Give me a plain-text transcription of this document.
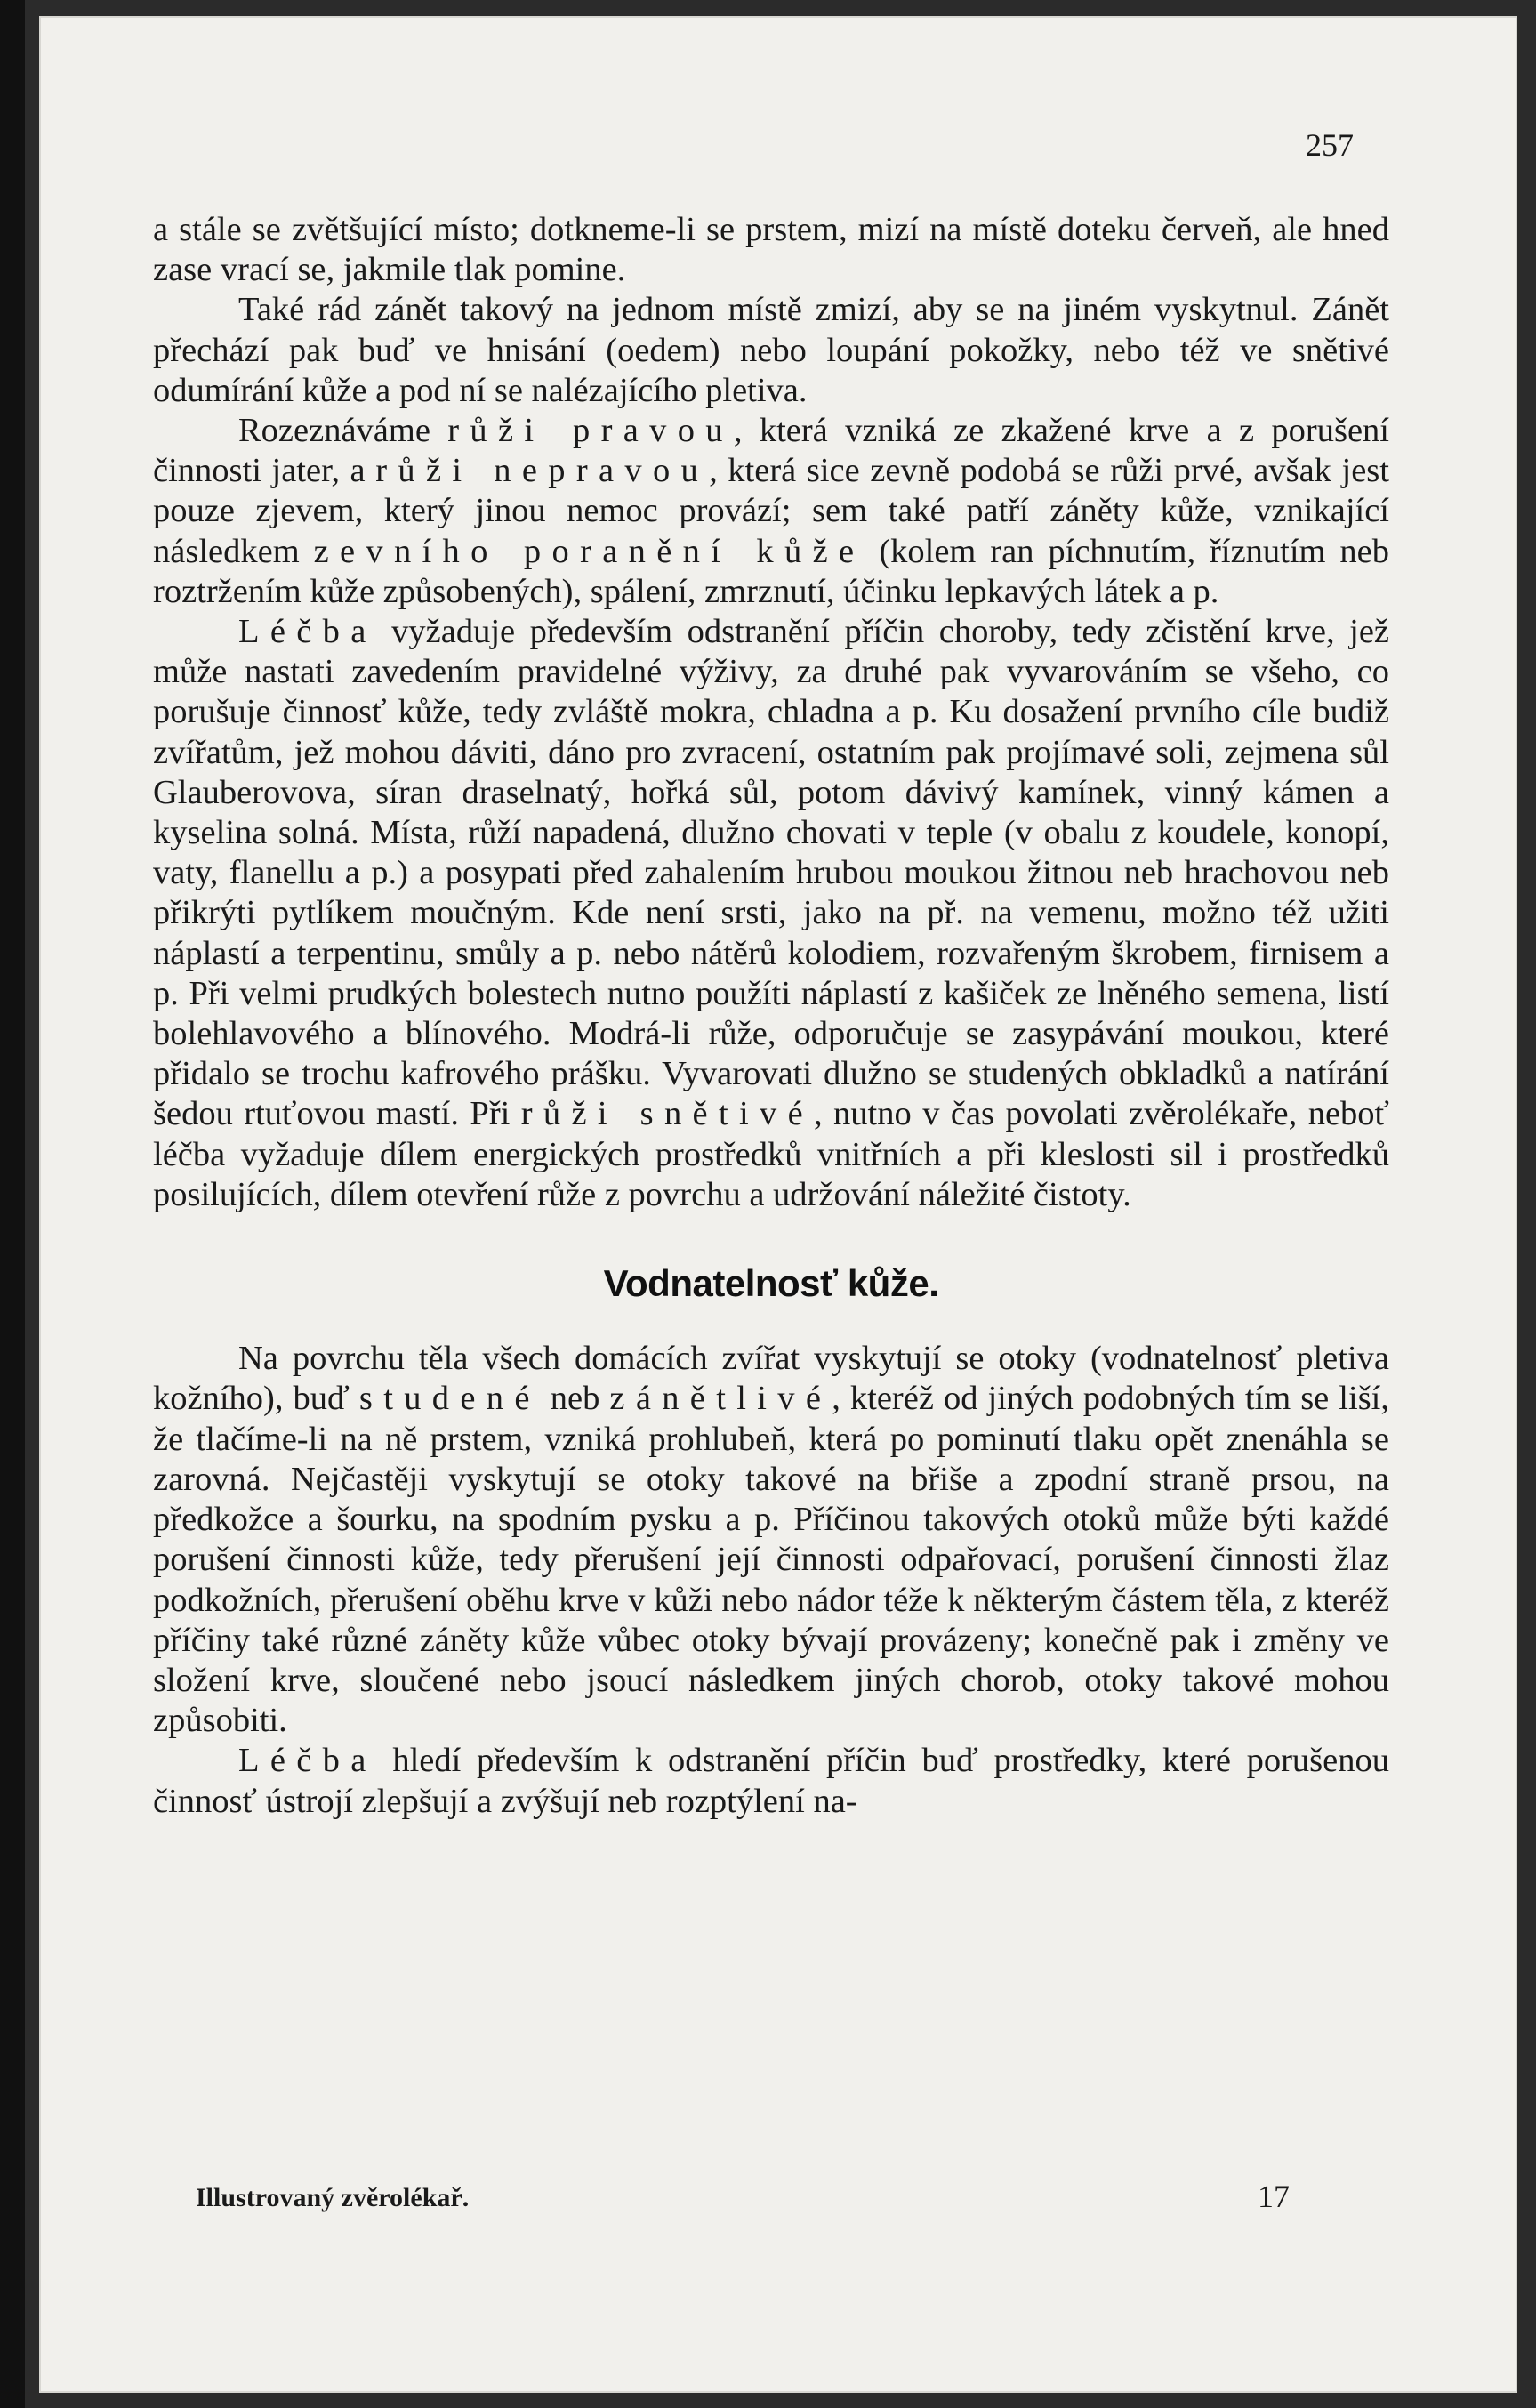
257

a stále se zvětšující místo; dotkneme-li se prstem, mizí na místě doteku červeň, ale hned zase vrací se, jakmile tlak pomine.

Také rád zánět takový na jednom místě zmizí, aby se na jiném vyskytnul. Zánět přechází pak buď ve hnisání (oedem) nebo loupání pokožky, nebo též ve snětivé odumírání kůže a pod ní se nalézajícího pletiva.

Rozeznáváme růži pravou, která vzniká ze zkažené krve a z porušení činnosti jater, a růži nepravou, která sice zevně podobá se růži prvé, avšak jest pouze zjevem, který jinou nemoc provází; sem také patří záněty kůže, vznikající následkem zevního poranění kůže (kolem ran píchnutím, říznutím neb roztržením kůže způsobených), spálení, zmrznutí, účinku lepkavých látek a p.

Léčba vyžaduje především odstranění příčin choroby, tedy zčistění krve, jež může nastati zavedením pravidelné výživy, za druhé pak vyvarováním se všeho, co porušuje činnosť kůže, tedy zvláště mokra, chladna a p. Ku dosažení prvního cíle budiž zvířatům, jež mohou dáviti, dáno pro zvracení, ostatním pak projímavé soli, zejmena sůl Glauberovova, síran draselnatý, hořká sůl, potom dávivý kamínek, vinný kámen a kyselina solná. Místa, růží napadená, dlužno chovati v teple (v obalu z koudele, konopí, vaty, flanellu a p.) a posypati před zahalením hrubou moukou žitnou neb hrachovou neb přikrýti pytlíkem moučným. Kde není srsti, jako na př. na vemenu, možno též užiti náplastí a terpentinu, smůly a p. nebo nátěrů kolodiem, rozvařeným škrobem, firnisem a p. Při velmi prudkých bolestech nutno použíti náplastí z kašiček ze lněného semena, listí bolehlavového a blínového. Modrá-li růže, odporučuje se zasypávání moukou, které přidalo se trochu kafrového prášku. Vyvarovati dlužno se studených obkladků a natírání šedou rtuťovou mastí. Při růži snětivé, nutno v čas povolati zvěrolékaře, neboť léčba vyžaduje dílem energických prostředků vnitřních a při kleslosti sil i prostředků posilujících, dílem otevření růže z povrchu a udržování náležité čistoty.

Vodnatelnosť kůže.

Na povrchu těla všech domácích zvířat vyskytují se otoky (vodnatelnosť pletiva kožního), buď studené neb zánětlivé, kteréž od jiných podobných tím se liší, že tlačíme-li na ně prstem, vzniká prohlubeň, která po pominutí tlaku opět znenáhla se zarovná. Nejčastěji vyskytují se otoky takové na břiše a zpodní straně prsou, na předkožce a šourku, na spodním pysku a p. Příčinou takových otoků může býti každé porušení činnosti kůže, tedy přerušení její činnosti odpařovací, porušení činnosti žlaz podkožních, přerušení oběhu krve v kůži nebo nádor téže k některým částem těla, z kteréž příčiny také různé záněty kůže vůbec otoky bývají provázeny; konečně pak i změny ve složení krve, sloučené nebo jsoucí následkem jiných chorob, otoky takové mohou způsobiti.

Léčba hledí především k odstranění příčin buď prostředky, které porušenou činnosť ústrojí zlepšují a zvýšují neb rozptýlení na-

Illustrovaný zvěrolékař.	17
